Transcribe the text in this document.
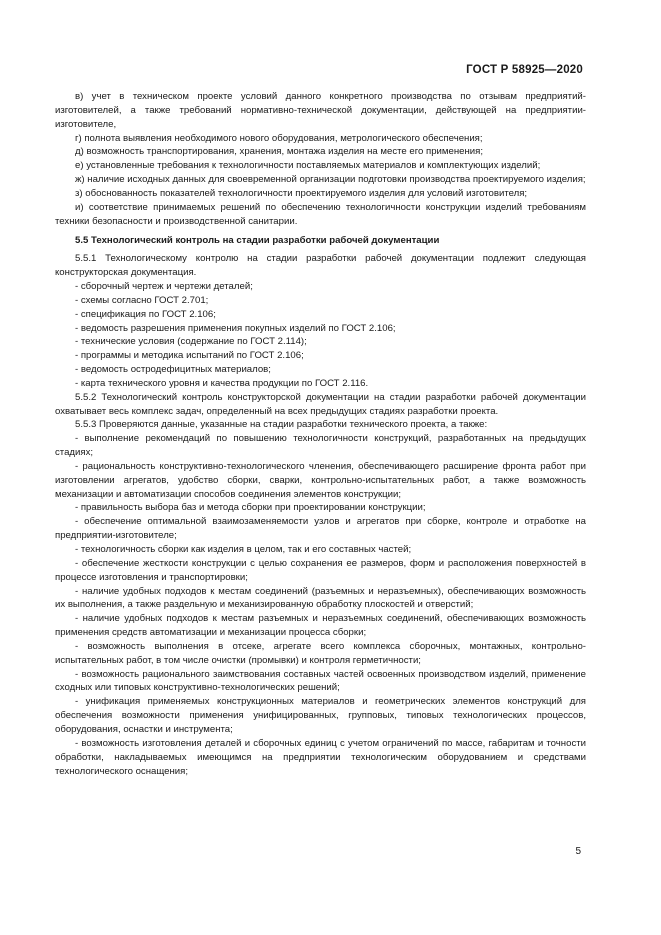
ГОСТ Р 58925—2020

в) учет в техническом проекте условий данного конкретного производства по отзывам предприятий-изготовителей, а также требований нормативно-технической документации, действующей на предприятии-изготовителе,

г) полнота выявления необходимого нового оборудования, метрологического обеспечения;

д) возможность транспортирования, хранения, монтажа изделия на месте его применения;

е) установленные требования к технологичности поставляемых материалов и комплектующих изделий;

ж) наличие исходных данных для своевременной организации подготовки производства проектируемого изделия;

з) обоснованность показателей технологичности проектируемого изделия для условий изготовителя;

и) соответствие принимаемых решений по обеспечению технологичности конструкции изделий требованиям техники безопасности и производственной санитарии.

5.5 Технологический контроль на стадии разработки рабочей документации

5.5.1 Технологическому контролю на стадии разработки рабочей документации подлежит следующая конструкторская документация.

- сборочный чертеж и чертежи деталей;

- схемы согласно ГОСТ 2.701;

- спецификация по ГОСТ 2.106;

- ведомость разрешения применения покупных изделий по ГОСТ 2.106;

- технические условия (содержание по ГОСТ 2.114);

- программы и методика испытаний по ГОСТ 2.106;

- ведомость остродефицитных материалов;

- карта технического уровня и качества продукции по ГОСТ 2.116.

5.5.2 Технологический контроль конструкторской документации на стадии разработки рабочей документации охватывает весь комплекс задач, определенный на всех предыдущих стадиях разработки проекта.

5.5.3 Проверяются данные, указанные на стадии разработки технического проекта, а также:

- выполнение рекомендаций по повышению технологичности конструкций, разработанных на предыдущих стадиях;

- рациональность конструктивно-технологического членения, обеспечивающего расширение фронта работ при изготовлении агрегатов, удобство сборки, сварки, контрольно-испытательных работ, а также возможность механизации и автоматизации способов соединения элементов конструкции;

- правильность выбора баз и метода сборки при проектировании конструкции;

- обеспечение оптимальной взаимозаменяемости узлов и агрегатов при сборке, контроле и отработке на предприятии-изготовителе;

- технологичность сборки как изделия в целом, так и его составных частей;

- обеспечение жесткости конструкции с целью сохранения ее размеров, форм и расположения поверхностей в процессе изготовления и транспортировки;

- наличие удобных подходов к местам соединений (разъемных и неразъемных), обеспечивающих возможность их выполнения, а также раздельную и механизированную обработку плоскостей и отверстий;

- наличие удобных подходов к местам разъемных и неразъемных соединений, обеспечивающих возможность применения средств автоматизации и механизации процесса сборки;

- возможность выполнения в отсеке, агрегате всего комплекса сборочных, монтажных, контрольно-испытательных работ, в том числе очистки (промывки) и контроля герметичности;

- возможность рационального заимствования составных частей освоенных производством изделий, применение сходных или типовых конструктивно-технологических решений;

- унификация применяемых конструкционных материалов и геометрических элементов конструкций для обеспечения возможности применения унифицированных, групповых, типовых технологических процессов, оборудования, оснастки и инструмента;

- возможность изготовления деталей и сборочных единиц с учетом ограничений по массе, габаритам и точности обработки, накладываемых имеющимся на предприятии технологическим оборудованием и средствами технологического оснащения;

5
